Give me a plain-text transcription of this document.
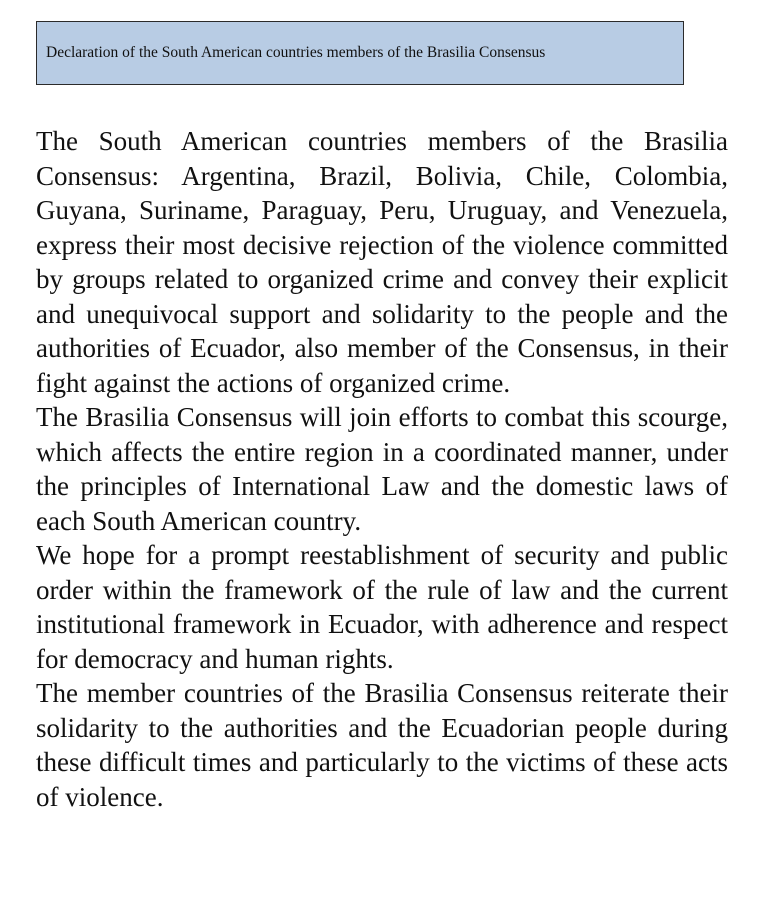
Declaration of the South American countries members of the Brasilia Consensus

The South American countries members of the Brasilia Consensus: Argentina, Brazil, Bolivia, Chile, Colombia, Guyana, Suriname, Paraguay, Peru, Uruguay, and Venezuela, express their most decisive rejection of the violence committed by groups related to organized crime and convey their explicit and unequivocal support and solidarity to the people and the authorities of Ecuador, also member of the Consensus, in their fight against the actions of organized crime.

The Brasilia Consensus will join efforts to combat this scourge, which affects the entire region in a coordinated manner, under the principles of International Law and the domestic laws of each South American country.

We hope for a prompt reestablishment of security and public order within the framework of the rule of law and the current institutional framework in Ecuador, with adherence and respect for democracy and human rights.

The member countries of the Brasilia Consensus reiterate their solidarity to the authorities and the Ecuadorian people during these difficult times and particularly to the victims of these acts of violence.
